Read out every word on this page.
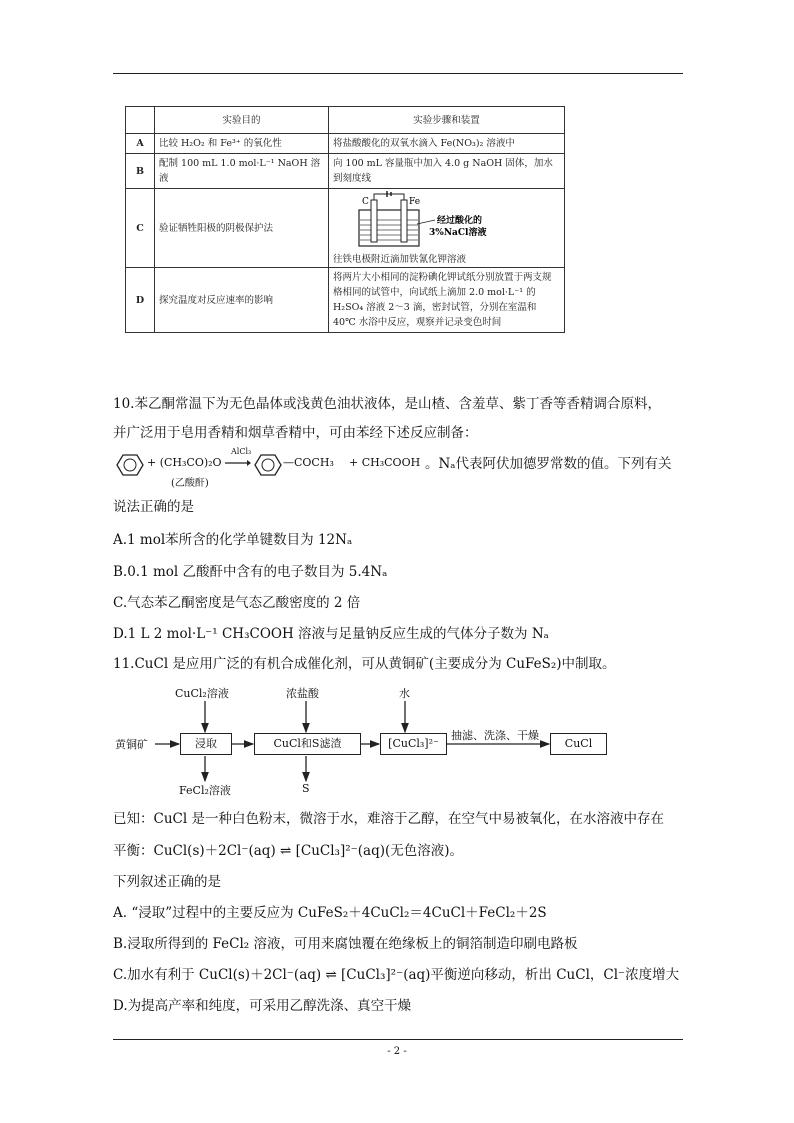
	实验目的	实验步骤和装置
A	比较 H₂O₂ 和 Fe³⁺ 的氧化性	将盐酸酸化的双氧水滴入 Fe(NO₃)₂ 溶液中
B	配制 100 mL 1.0 mol·L⁻¹ NaOH 溶液	向 100 mL 容量瓶中加入 4.0 g NaOH 固体，加水到刻度线
C	验证牺牲阳极的阴极保护法	C Fe
经过酸化的
3%NaCl溶液
往铁电极附近滴加铁氰化钾溶液

D	探究温度对反应速率的影响	将两片大小相同的淀粉碘化钾试纸分别放置于两支规格相同的试管中，向试纸上滴加 2.0 mol·L⁻¹ 的 H₂SO₄ 溶液 2～3 滴，密封试管，分别在室温和 40℃ 水浴中反应，观察并记录变色时间
10.苯乙酮常温下为无色晶体或浅黄色油状液体，是山楂、含羞草、紫丁香等香精调合原料，
并广泛用于皂用香精和烟草香精中，可由苯经下述反应制备：
+ (CH₃CO)₂O
(乙酸酐)
AlCl₃
—COCH₃ + CH₃COOH 。Nₐ代表阿伏加德罗常数的值。下列有关
说法正确的是
A.1 mol苯所含的化学单键数目为 12Nₐ
B.0.1 mol 乙酸酐中含有的电子数目为 5.4Nₐ
C.气态苯乙酮密度是气态乙酸密度的 2 倍
D.1 L 2 mol·L⁻¹ CH₃COOH 溶液与足量钠反应生成的气体分子数为 Nₐ
11.CuCl 是应用广泛的有机合成催化剂，可从黄铜矿(主要成分为 CuFeS₂)中制取。
黄铜矿	浸取	CuCl和S滤渣	[CuCl₃]²⁻	CuCl
CuCl₂溶液	浓盐酸	水
抽滤、洗涤、干燥
FeCl₂溶液	S
已知：CuCl 是一种白色粉末，微溶于水，难溶于乙醇，在空气中易被氧化，在水溶液中存在
平衡：CuCl(s)＋2Cl⁻(aq) ⇌ [CuCl₃]²⁻(aq)(无色溶液)。
下列叙述正确的是
A. “浸取”过程中的主要反应为 CuFeS₂＋4CuCl₂＝4CuCl＋FeCl₂＋2S
B.浸取所得到的 FeCl₂ 溶液，可用来腐蚀覆在绝缘板上的铜箔制造印刷电路板
C.加水有利于 CuCl(s)＋2Cl⁻(aq) ⇌ [CuCl₃]²⁻(aq)平衡逆向移动，析出 CuCl，Cl⁻浓度增大
D.为提高产率和纯度，可采用乙醇洗涤、真空干燥
- 2 -
